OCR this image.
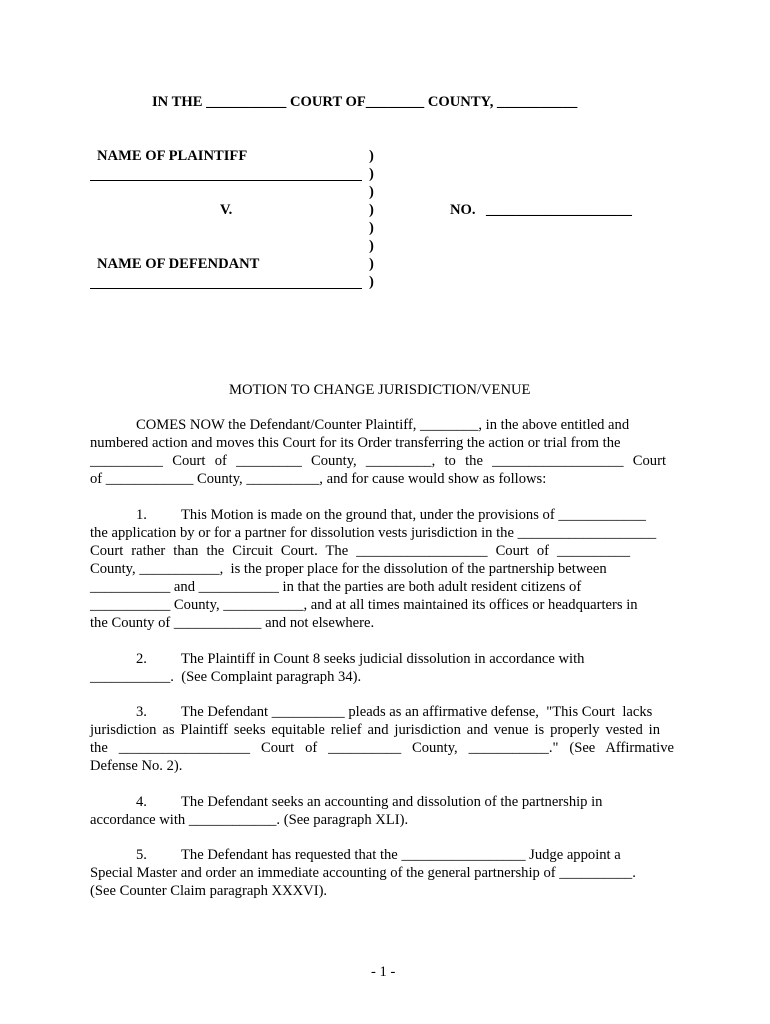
IN THE ___________ COURT OF________ COUNTY, ___________
NAME OF PLAINTIFF
V.
NAME OF DEFENDANT
)
)
)
)
)
)
)
)
NO. ____________________
MOTION TO CHANGE JURISDICTION/VENUE
COMES NOW the Defendant/Counter Plaintiff, ________, in the above entitled and
numbered action and moves this Court for its Order transferring the action or trial from the
__________ Court of _________ County, _________, to the __________________ Court
of ____________ County, __________, and for cause would show as follows:
1. This Motion is made on the ground that, under the provisions of ____________
the application by or for a partner for dissolution vests jurisdiction in the ___________________
Court rather than the Circuit Court. The __________________ Court of __________
County, ___________,  is the proper place for the dissolution of the partnership between
___________ and ___________ in that the parties are both adult resident citizens of
___________ County, ___________, and at all times maintained its offices or headquarters in
the County of ____________ and not elsewhere.
2. The Plaintiff in Count 8 seeks judicial dissolution in accordance with
___________.  (See Complaint paragraph 34).
3. The Defendant __________ pleads as an affirmative defense,  "This Court  lacks
jurisdiction as Plaintiff seeks equitable relief and jurisdiction and venue is properly vested in
the __________________ Court of __________ County, ___________." (See Affirmative
Defense No. 2).
4. The Defendant seeks an accounting and dissolution of the partnership in
accordance with ____________. (See paragraph XLI).
5. The Defendant has requested that the _________________ Judge appoint a
Special Master and order an immediate accounting of the general partnership of __________.
(See Counter Claim paragraph XXXVI).
- 1 -
